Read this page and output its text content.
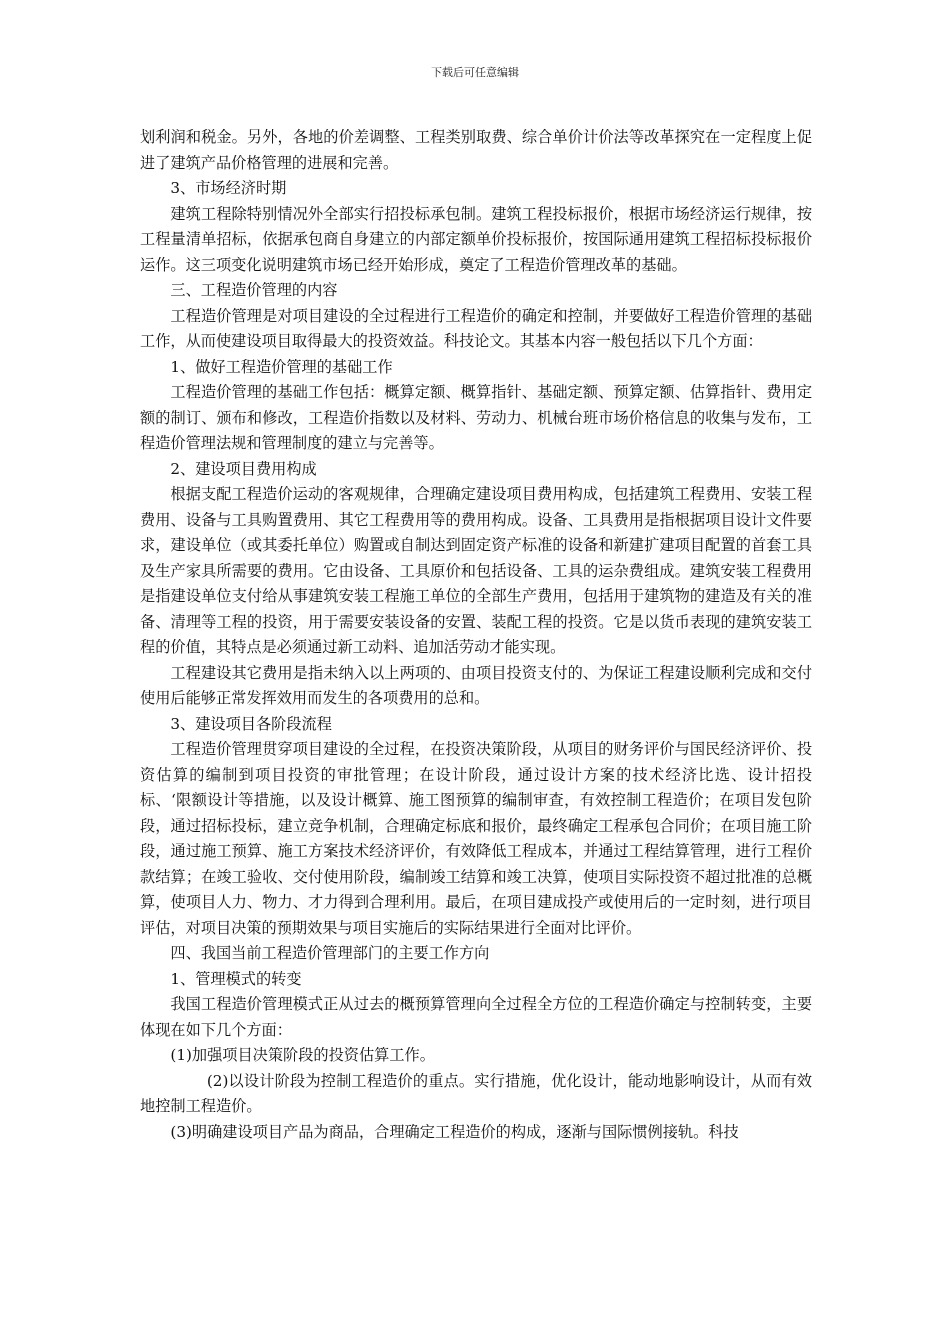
下载后可任意编辑

划利润和税金。另外，各地的价差调整、工程类别取费、综合单价计价法等改革探究在一定程度上促进了建筑产品价格管理的进展和完善。

3、市场经济时期

建筑工程除特别情况外全部实行招投标承包制。建筑工程投标报价，根据市场经济运行规律，按工程量清单招标，依据承包商自身建立的内部定额单价投标报价，按国际通用建筑工程招标投标报价运作。这三项变化说明建筑市场已经开始形成，奠定了工程造价管理改革的基础。

三、工程造价管理的内容

工程造价管理是对项目建设的全过程进行工程造价的确定和控制，并要做好工程造价管理的基础工作，从而使建设项目取得最大的投资效益。科技论文。其基本内容一般包括以下几个方面：

1、做好工程造价管理的基础工作

工程造价管理的基础工作包括：概算定额、概算指针、基础定额、预算定额、估算指针、费用定额的制订、颁布和修改，工程造价指数以及材料、劳动力、机械台班市场价格信息的收集与发布，工程造价管理法规和管理制度的建立与完善等。

2、建设项目费用构成

根据支配工程造价运动的客观规律，合理确定建设项目费用构成，包括建筑工程费用、安装工程费用、设备与工具购置费用、其它工程费用等的费用构成。设备、工具费用是指根据项目设计文件要求，建设单位（或其委托单位）购置或自制达到固定资产标准的设备和新建扩建项目配置的首套工具及生产家具所需要的费用。它由设备、工具原价和包括设备、工具的运杂费组成。建筑安装工程费用是指建设单位支付给从事建筑安装工程施工单位的全部生产费用，包括用于建筑物的建造及有关的准备、清理等工程的投资，用于需要安装设备的安置、装配工程的投资。它是以货币表现的建筑安装工程的价值，其特点是必须通过新工动料、追加活劳动才能实现。

工程建设其它费用是指未纳入以上两项的、由项目投资支付的、为保证工程建设顺利完成和交付使用后能够正常发挥效用而发生的各项费用的总和。

3、建设项目各阶段流程

工程造价管理贯穿项目建设的全过程，在投资决策阶段，从项目的财务评价与国民经济评价、投资估算的编制到项目投资的审批管理；在设计阶段，通过设计方案的技术经济比选、设计招投标、‘限额设计等措施，以及设计概算、施工图预算的编制审查，有效控制工程造价；在项目发包阶段，通过招标投标，建立竞争机制，合理确定标底和报价，最终确定工程承包合同价；在项目施工阶段，通过施工预算、施工方案技术经济评价，有效降低工程成本，并通过工程结算管理，进行工程价款结算；在竣工验收、交付使用阶段，编制竣工结算和竣工决算，使项目实际投资不超过批准的总概算，使项目人力、物力、才力得到合理利用。最后，在项目建成投产或使用后的一定时刻，进行项目评估，对项目决策的预期效果与项目实施后的实际结果进行全面对比评价。

四、我国当前工程造价管理部门的主要工作方向

1、管理模式的转变

我国工程造价管理模式正从过去的概预算管理向全过程全方位的工程造价确定与控制转变，主要体现在如下几个方面：

(1)加强项目决策阶段的投资估算工作。

(2)以设计阶段为控制工程造价的重点。实行措施，优化设计，能动地影响设计，从而有效地控制工程造价。

(3)明确建设项目产品为商品，合理确定工程造价的构成，逐渐与国际惯例接轨。科技
